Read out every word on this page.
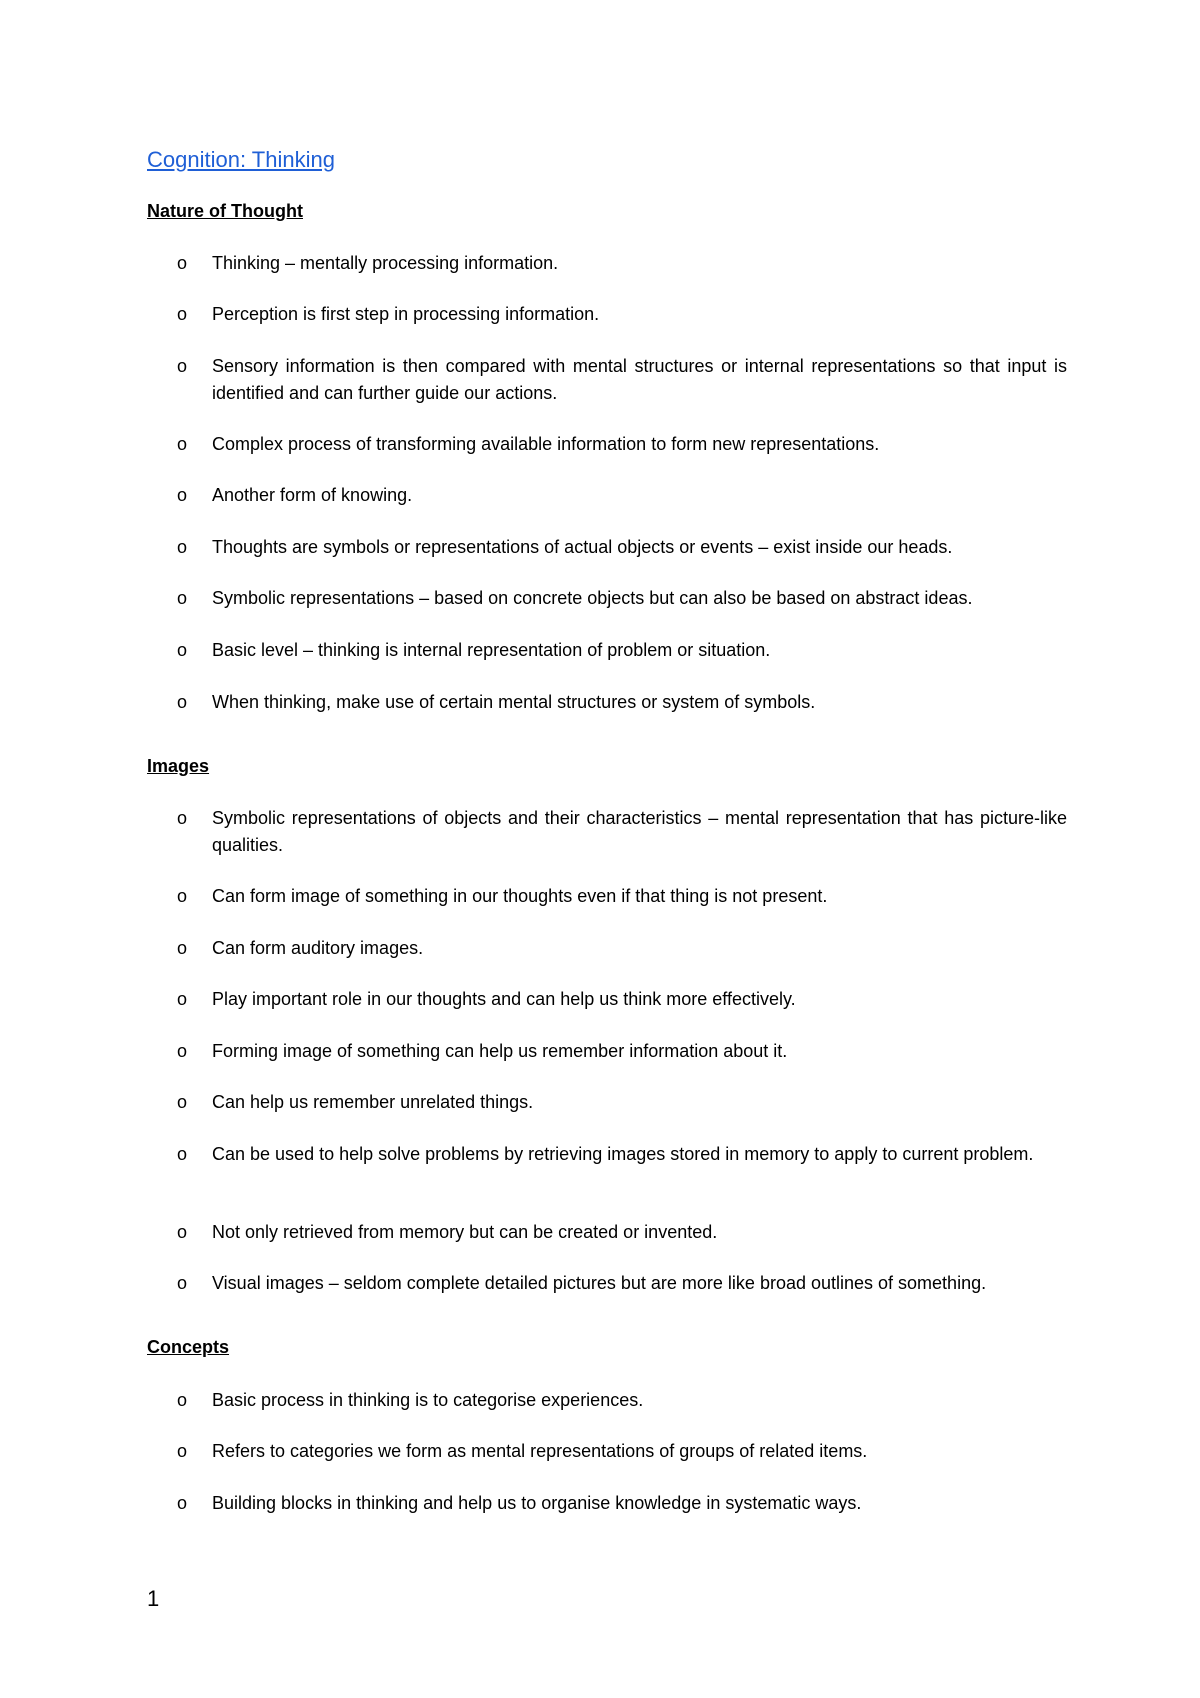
Cognition: Thinking
Nature of Thought
o Thinking – mentally processing information.
o Perception is first step in processing information.
o Sensory information is then compared with mental structures or internal representations so that input is identified and can further guide our actions.
o Complex process of transforming available information to form new representations.
o Another form of knowing.
o Thoughts are symbols or representations of actual objects or events – exist inside our heads.
o Symbolic representations – based on concrete objects but can also be based on abstract ideas.
o Basic level – thinking is internal representation of problem or situation.
o When thinking, make use of certain mental structures or system of symbols.
Images
o Symbolic representations of objects and their characteristics – mental representation that has picture-like qualities.
o Can form image of something in our thoughts even if that thing is not present.
o Can form auditory images.
o Play important role in our thoughts and can help us think more effectively.
o Forming image of something can help us remember information about it.
o Can help us remember unrelated things.
o Can be used to help solve problems by retrieving images stored in memory to apply to current problem.
o Not only retrieved from memory but can be created or invented.
o Visual images – seldom complete detailed pictures but are more like broad outlines of something.
Concepts
o Basic process in thinking is to categorise experiences.
o Refers to categories we form as mental representations of groups of related items.
o Building blocks in thinking and help us to organise knowledge in systematic ways.
1
